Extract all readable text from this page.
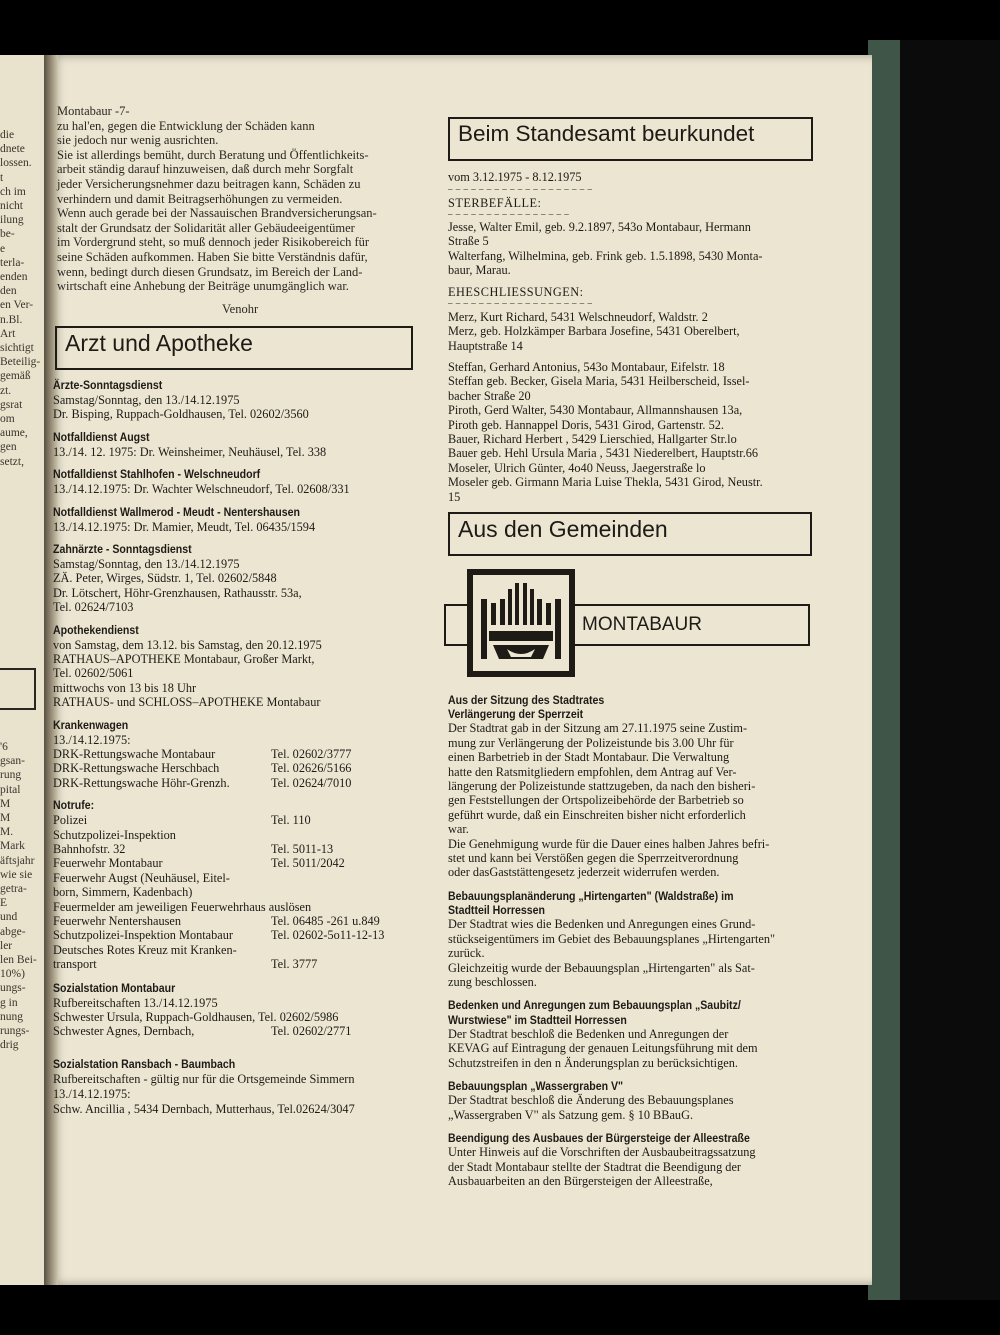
die
dnete
lossen.
t
ch im
nicht
ilung
be-
e
terla-
enden
den
en Ver-
n.Bl.
Art
sichtigt
Beteilig-
gemäß
zt.
gsrat
om
aume,
gen
setzt,
'6
gsan-
rung
pital
M
M
M.
Mark
äftsjahr
wie sie
getra-
E
und
abge-
ler
len Bei-
10%)
ungs-
g in
nung
rungs-
drig
Montabaur -7-
zu hal'en, gegen die Entwicklung der Schäden kann
sie jedoch nur wenig ausrichten.
Sie ist allerdings bemüht, durch Beratung und Öffentlichkeits-
arbeit ständig darauf hinzuweisen, daß durch mehr Sorgfalt
jeder Versicherungsnehmer dazu beitragen kann, Schäden zu
verhindern und damit Beitragserhöhungen zu vermeiden.
Wenn auch gerade bei der Nassauischen Brandversicherungsan-
stalt der Grundsatz der Solidarität aller Gebäudeeigentümer
im Vordergrund steht, so muß dennoch jeder Risikobereich für
seine Schäden aufkommen. Haben Sie bitte Verständnis dafür,
wenn, bedingt durch diesen Grundsatz, im Bereich der Land-
wirtschaft eine Anhebung der Beiträge unumgänglich war.
Venohr
Arzt und Apotheke
Ärzte-Sonntagsdienst
Samstag/Sonntag, den 13./14.12.1975
Dr. Bisping, Ruppach-Goldhausen, Tel. 02602/3560
Notfalldienst Augst
13./14. 12. 1975: Dr. Weinsheimer, Neuhäusel, Tel. 338
Notfalldienst Stahlhofen - Welschneudorf
13./14.12.1975: Dr. Wachter Welschneudorf, Tel. 02608/331
Notfalldienst Wallmerod - Meudt - Nentershausen
13./14.12.1975: Dr. Mamier, Meudt, Tel. 06435/1594
Zahnärzte - Sonntagsdienst
Samstag/Sonntag, den 13./14.12.1975
ZÄ. Peter, Wirges, Südstr. 1, Tel. 02602/5848
Dr. Lötschert, Höhr-Grenzhausen, Rathausstr. 53a,
Tel. 02624/7103
Apothekendienst
von Samstag, dem 13.12. bis Samstag, den 20.12.1975
RATHAUS–APOTHEKE Montabaur, Großer Markt,
Tel. 02602/5061
mittwochs von 13 bis 18 Uhr
RATHAUS- und SCHLOSS–APOTHEKE Montabaur
Krankenwagen
13./14.12.1975:
DRK-Rettungswache Montabaur	Tel. 02602/3777
DRK-Rettungswache Herschbach	Tel. 02626/5166
DRK-Rettungswache Höhr-Grenzh.	Tel. 02624/7010
Notrufe:
Polizei	Tel. 110
Schutzpolizei-Inspektion
Bahnhofstr. 32	Tel. 5011-13
Feuerwehr Montabaur	Tel. 5011/2042
Feuerwehr Augst (Neuhäusel, Eitel-
born, Simmern, Kadenbach)
Feuermelder am jeweiligen Feuerwehrhaus auslösen
Feuerwehr Nentershausen	Tel. 06485 -261 u.849
Schutzpolizei-Inspektion Montabaur	Tel. 02602-5o11-12-13
Deutsches Rotes Kreuz mit Kranken-
transport	Tel. 3777
Sozialstation Montabaur
Rufbereitschaften 13./14.12.1975
Schwester Ursula, Ruppach-Goldhausen, Tel. 02602/5986
Schwester Agnes, Dernbach,	Tel. 02602/2771
Sozialstation Ransbach - Baumbach
Rufbereitschaften - gültig nur für die Ortsgemeinde Simmern
13./14.12.1975:
Schw. Ancillia , 5434 Dernbach, Mutterhaus, Tel.02624/3047
Beim Standesamt beurkundet
vom 3.12.1975 - 8.12.1975
– – – – – – – – – – – – – – – – – – –
STERBEFÄLLE:
– – – – – – – – – – – – – – – –
Jesse, Walter Emil, geb. 9.2.1897, 543o Montabaur, Hermann
Straße 5
Walterfang, Wilhelmina, geb. Frink geb. 1.5.1898, 5430 Monta-
baur, Marau.
EHESCHLIESSUNGEN:
– – – – – – – – – – – – – – – – – – –
Merz, Kurt Richard, 5431 Welschneudorf, Waldstr. 2
Merz, geb. Holzkämper Barbara Josefine, 5431 Oberelbert,
Hauptstraße 14
Steffan, Gerhard Antonius, 543o Montabaur, Eifelstr. 18
Steffan geb. Becker, Gisela Maria, 5431 Heilberscheid, Issel-
bacher Straße 20
Piroth, Gerd Walter, 5430 Montabaur, Allmannshausen 13a,
Piroth geb. Hannappel Doris, 5431 Girod, Gartenstr. 52.
Bauer, Richard Herbert , 5429 Lierschied, Hallgarter Str.lo
Bauer geb. Hehl Ursula Maria , 5431 Niederelbert, Hauptstr.66
Moseler, Ulrich Günter, 4o40 Neuss, Jaegerstraße lo
Moseler geb. Girmann Maria Luise Thekla, 5431 Girod, Neustr.
15
Aus den Gemeinden
MONTABAUR
Aus der Sitzung des Stadtrates
Verlängerung der Sperrzeit
Der Stadtrat gab in der Sitzung am 27.11.1975 seine Zustim-
mung zur Verlängerung der Polizeistunde bis 3.00 Uhr für
einen Barbetrieb in der Stadt Montabaur. Die Verwaltung
hatte den Ratsmitgliedern empfohlen, dem Antrag auf Ver-
längerung der Polizeistunde stattzugeben, da nach den bisheri-
gen Feststellungen der Ortspolizeibehörde der Barbetrieb so
geführt wurde, daß ein Einschreiten bisher nicht erforderlich
war.
Die Genehmigung wurde für die Dauer eines halben Jahres befri-
stet und kann bei Verstößen gegen die Sperrzeitverordnung
oder dasGaststättengesetz jederzeit widerrufen werden.
Bebauungsplanänderung „Hirtengarten" (Waldstraße) im
Stadtteil Horressen
Der Stadtrat wies die Bedenken und Anregungen eines Grund-
stückseigentümers im Gebiet des Bebauungsplanes „Hirtengarten"
zurück.
Gleichzeitig wurde der Bebauungsplan „Hirtengarten" als Sat-
zung beschlossen.
Bedenken und Anregungen zum Bebauungsplan „Saubitz/
Wurstwiese" im Stadtteil Horressen
Der Stadtrat beschloß die Bedenken und Anregungen der
KEVAG auf Eintragung der genauen Leitungsführung mit dem
Schutzstreifen in den n Änderungsplan zu berücksichtigen.
Bebauungsplan „Wassergraben V"
Der Stadtrat beschloß die Änderung des Bebauungsplanes
„Wassergraben V" als Satzung gem. § 10 BBauG.
Beendigung des Ausbaues der Bürgersteige der Alleestraße
Unter Hinweis auf die Vorschriften der Ausbaubeitragssatzung
der Stadt Montabaur stellte der Stadtrat die Beendigung der
Ausbauarbeiten an den Bürgersteigen der Alleestraße,
